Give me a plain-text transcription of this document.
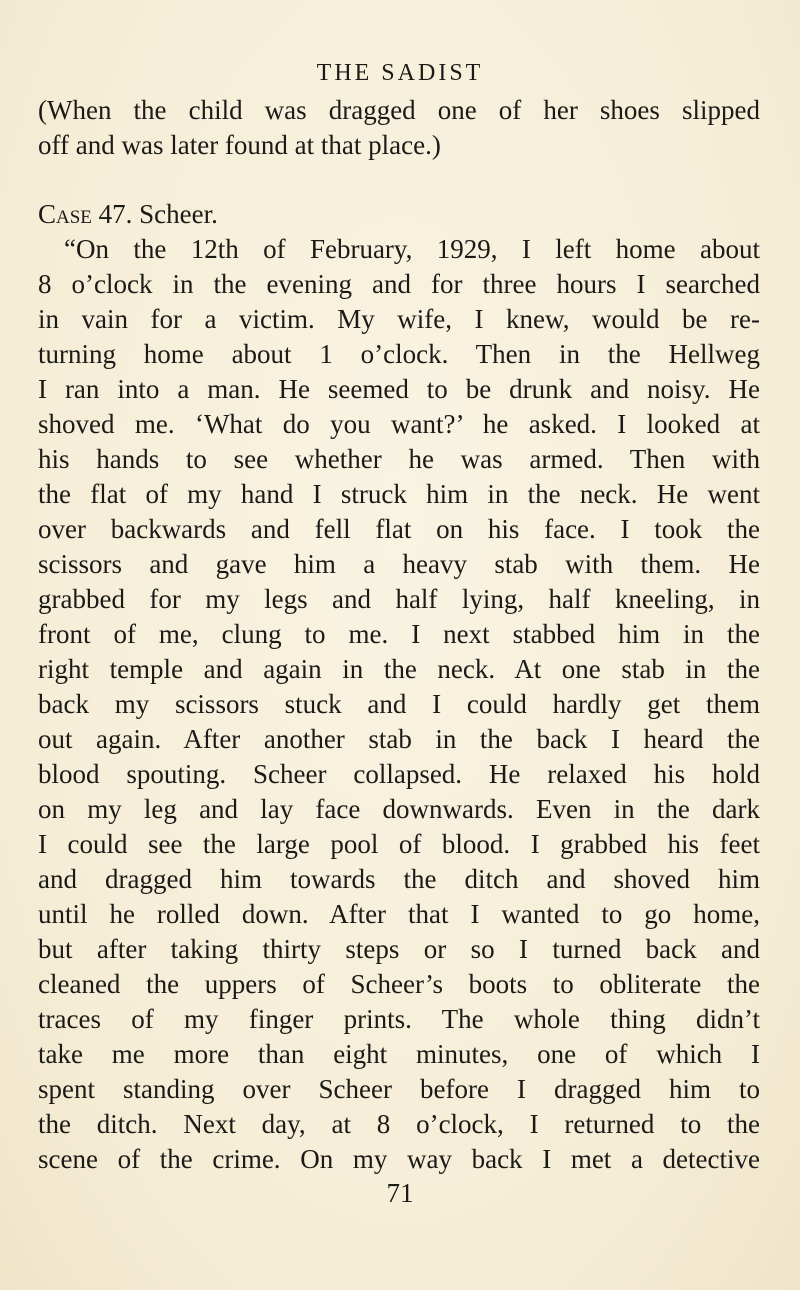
THE SADIST
(When the child was dragged one of her shoes slipped
off and was later found at that place.)
Case 47. Scheer.
“On the 12th of February, 1929, I left home about
8 o’clock in the evening and for three hours I searched
in vain for a victim. My wife, I knew, would be re-
turning home about 1 o’clock. Then in the Hellweg
I ran into a man. He seemed to be drunk and noisy. He
shoved me. ‘What do you want?’ he asked. I looked at
his hands to see whether he was armed. Then with
the flat of my hand I struck him in the neck. He went
over backwards and fell flat on his face. I took the
scissors and gave him a heavy stab with them. He
grabbed for my legs and half lying, half kneeling, in
front of me, clung to me. I next stabbed him in the
right temple and again in the neck. At one stab in the
back my scissors stuck and I could hardly get them
out again. After another stab in the back I heard the
blood spouting. Scheer collapsed. He relaxed his hold
on my leg and lay face downwards. Even in the dark
I could see the large pool of blood. I grabbed his feet
and dragged him towards the ditch and shoved him
until he rolled down. After that I wanted to go home,
but after taking thirty steps or so I turned back and
cleaned the uppers of Scheer’s boots to obliterate the
traces of my finger prints. The whole thing didn’t
take me more than eight minutes, one of which I
spent standing over Scheer before I dragged him to
the ditch. Next day, at 8 o’clock, I returned to the
scene of the crime. On my way back I met a detective
71
